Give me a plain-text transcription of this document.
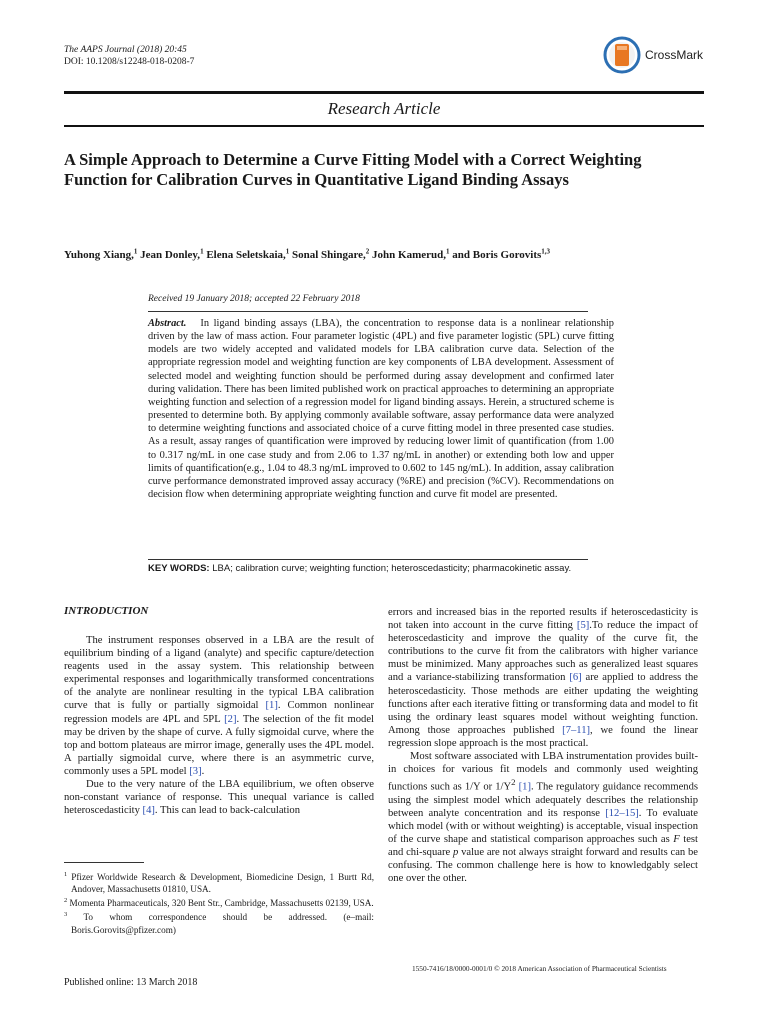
The AAPS Journal (2018) 20:45
DOI: 10.1208/s12248-018-0208-7	CrossMark
Research Article
A Simple Approach to Determine a Curve Fitting Model with a Correct Weighting Function for Calibration Curves in Quantitative Ligand Binding Assays
Yuhong Xiang,$^1$ Jean Donley,$^1$ Elena Seletskaia,$^1$ Sonal Shingare,$^2$ John Kamerud,$^1$ and Boris Gorovits$^{1,3}$
Received 19 January 2018; accepted 22 February 2018
Abstract. In ligand binding assays (LBA), the concentration to response data is a nonlinear relationship driven by the law of mass action. Four parameter logistic (4PL) and five parameter logistic (5PL) curve fitting models are two widely accepted and validated models for LBA calibration curve data. Selection of the appropriate regression model and weighting function are key components of LBA development. Assessment of selected model and weighting function should be performed during assay development and confirmed later during validation. There has been limited published work on practical approaches to determining an appropriate weighting function and selection of a regression model for ligand binding assays. Herein, a structured scheme is presented to determine both. By applying commonly available software, assay performance data were analyzed to determine weighting functions and associated choice of a curve fitting model in three presented case studies. As a result, assay ranges of quantification were improved by reducing lower limit of quantification (from 1.00 to 0.317 ng/mL in one case study and from 2.06 to 1.37 ng/mL in another) or extending both low and upper limits of quantification(e.g., 1.04 to 48.3 ng/mL improved to 0.602 to 145 ng/mL). In addition, assay calibration curve performance demonstrated improved assay accuracy (%RE) and precision (%CV). Recommendations on decision flow when determining appropriate weighting function and curve fit model are presented.
KEY WORDS: LBA; calibration curve; weighting function; heteroscedasticity; pharmacokinetic assay.
INTRODUCTION

The instrument responses observed in a LBA are the result of equilibrium binding of a ligand (analyte) and specific capture/detection reagents used in the assay system. This relationship between experimental responses and logarithmically transformed concentrations of the analyte are nonlinear resulting in the typical LBA calibration curve that is fully or partially sigmoidal [1]. Common nonlinear regression models are 4PL and 5PL [2]. The selection of the fit model may be driven by the shape of curve. A fully sigmoidal curve, where the top and bottom plateaus are mirror image, generally uses the 4PL model. A partially sigmoidal curve, where there is an asymmetric curve, commonly uses a 5PL model [3].

Due to the very nature of the LBA equilibrium, we often observe non-constant variance of response. This unequal variance is called heteroscedasticity [4]. This can lead to back-calculation

$^1$ Pfizer Worldwide Research & Development, Biomedicine Design, 1 Burtt Rd, Andover, Massachusetts 01810, USA.

$^2$ Momenta Pharmaceuticals, 320 Bent Str., Cambridge, Massachusetts 02139, USA.

$^3$ To whom correspondence should be addressed. (e–mail: Boris.Gorovits@pfizer.com)

errors and increased bias in the reported results if heteroscedasticity is not taken into account in the curve fitting [5].To reduce the impact of heteroscedasticity and improve the quality of the curve fit, the contributions to the curve fit from the calibrators with higher variance must be minimized. Many approaches such as generalized least squares and a variance-stabilizing transformation [6] are applied to address the heteroscedasticity. Those methods are either updating the weighting functions after each iterative fitting or transforming data and model to fit using the ordinary least squares model without weighting function. Among those approaches published [7–11], we found the linear regression slope approach is the most practical.

Most software associated with LBA instrumentation provides built-in choices for various fit models and commonly used weighting functions such as 1/Y or $1/Y^2$ [1]. The regulatory guidance recommends using the simplest model which adequately describes the relationship between analyte concentration and its response [12–15]. To evaluate which model (with or without weighting) is acceptable, visual inspection of the curve shape and statistical comparison approaches such as F test and chi-square p value are not always straight forward and results can be confusing. The common challenge here is how to knowledgably select one over the other.

1550-7416/18/0000-0001/0 © 2018 American Association of Pharmaceutical Scientists
Published online: 13 March 2018
